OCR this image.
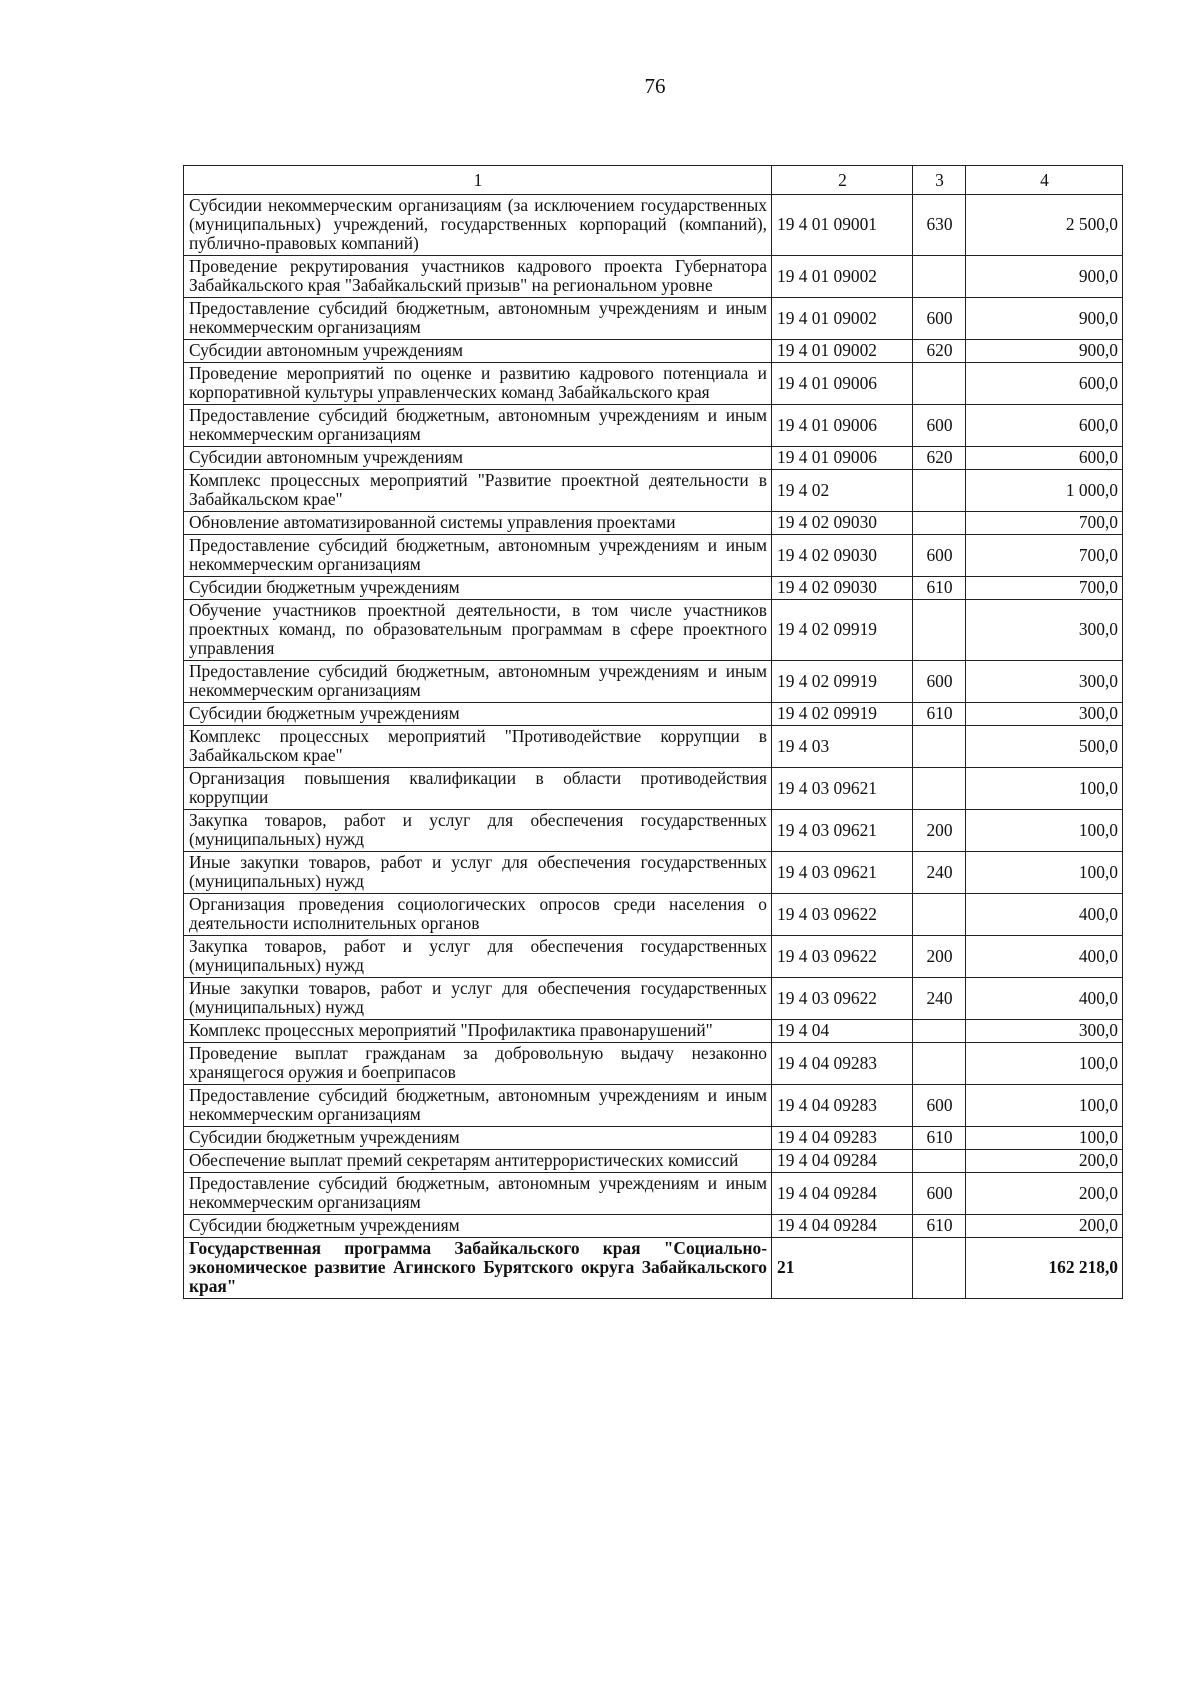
76
1	2	3	4
Субсидии некоммерческим организациям (за исключением государственных (муниципальных) учреждений, государственных корпораций (компаний), публично-правовых компаний)	19 4 01 09001	630	2 500,0
Проведение рекрутирования участников кадрового проекта Губернатора Забайкальского края "Забайкальский призыв" на региональном уровне	19 4 01 09002		900,0
Предоставление субсидий бюджетным, автономным учреждениям и иным некоммерческим организациям	19 4 01 09002	600	900,0
Субсидии автономным учреждениям	19 4 01 09002	620	900,0
Проведение мероприятий по оценке и развитию кадрового потенциала и корпоративной культуры управленческих команд Забайкальского края	19 4 01 09006		600,0
Предоставление субсидий бюджетным, автономным учреждениям и иным некоммерческим организациям	19 4 01 09006	600	600,0
Субсидии автономным учреждениям	19 4 01 09006	620	600,0
Комплекс процессных мероприятий "Развитие проектной деятельности в Забайкальском крае"	19 4 02		1 000,0
Обновление автоматизированной системы управления проектами	19 4 02 09030		700,0
Предоставление субсидий бюджетным, автономным учреждениям и иным некоммерческим организациям	19 4 02 09030	600	700,0
Субсидии бюджетным учреждениям	19 4 02 09030	610	700,0
Обучение участников проектной деятельности, в том числе участников проектных команд, по образовательным программам в сфере проектного управления	19 4 02 09919		300,0
Предоставление субсидий бюджетным, автономным учреждениям и иным некоммерческим организациям	19 4 02 09919	600	300,0
Субсидии бюджетным учреждениям	19 4 02 09919	610	300,0
Комплекс процессных мероприятий "Противодействие коррупции в Забайкальском крае"	19 4 03		500,0
Организация повышения квалификации в области противодействия коррупции	19 4 03 09621		100,0
Закупка товаров, работ и услуг для обеспечения государственных (муниципальных) нужд	19 4 03 09621	200	100,0
Иные закупки товаров, работ и услуг для обеспечения государственных (муниципальных) нужд	19 4 03 09621	240	100,0
Организация проведения социологических опросов среди населения о деятельности исполнительных органов	19 4 03 09622		400,0
Закупка товаров, работ и услуг для обеспечения государственных (муниципальных) нужд	19 4 03 09622	200	400,0
Иные закупки товаров, работ и услуг для обеспечения государственных (муниципальных) нужд	19 4 03 09622	240	400,0
Комплекс процессных мероприятий "Профилактика правонарушений"	19 4 04		300,0
Проведение выплат гражданам за добровольную выдачу незаконно хранящегося оружия и боеприпасов	19 4 04 09283		100,0
Предоставление субсидий бюджетным, автономным учреждениям и иным некоммерческим организациям	19 4 04 09283	600	100,0
Субсидии бюджетным учреждениям	19 4 04 09283	610	100,0
Обеспечение выплат премий секретарям антитеррористических комиссий	19 4 04 09284		200,0
Предоставление субсидий бюджетным, автономным учреждениям и иным некоммерческим организациям	19 4 04 09284	600	200,0
Субсидии бюджетным учреждениям	19 4 04 09284	610	200,0
Государственная программа Забайкальского края "Социально-экономическое развитие Агинского Бурятского округа Забайкальского края"	21		162 218,0
